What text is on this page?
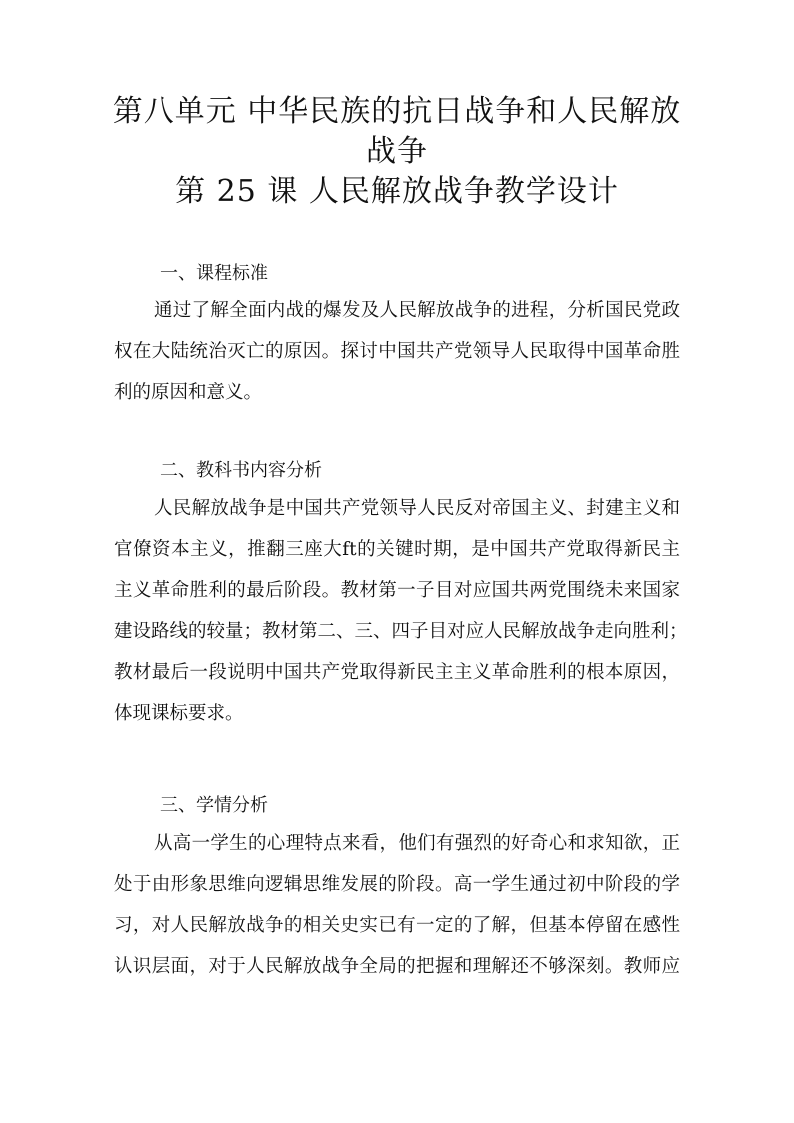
第八单元 中华民族的抗日战争和人民解放
战争
第 25 课 人民解放战争教学设计
一、课程标准
通过了解全面内战的爆发及人民解放战争的进程，分析国民党政
权在大陆统治灭亡的原因。探讨中国共产党领导人民取得中国革命胜
利的原因和意义。
二、教科书内容分析
人民解放战争是中国共产党领导人民反对帝国主义、封建主义和
官僚资本主义，推翻三座大ft的关键时期，是中国共产党取得新民主
主义革命胜利的最后阶段。教材第一子目对应国共两党围绕未来国家
建设路线的较量；教材第二、三、四子目对应人民解放战争走向胜利；
教材最后一段说明中国共产党取得新民主主义革命胜利的根本原因，
体现课标要求。
三、学情分析
从高一学生的心理特点来看，他们有强烈的好奇心和求知欲，正
处于由形象思维向逻辑思维发展的阶段。高一学生通过初中阶段的学
习，对人民解放战争的相关史实已有一定的了解，但基本停留在感性
认识层面，对于人民解放战争全局的把握和理解还不够深刻。教师应
